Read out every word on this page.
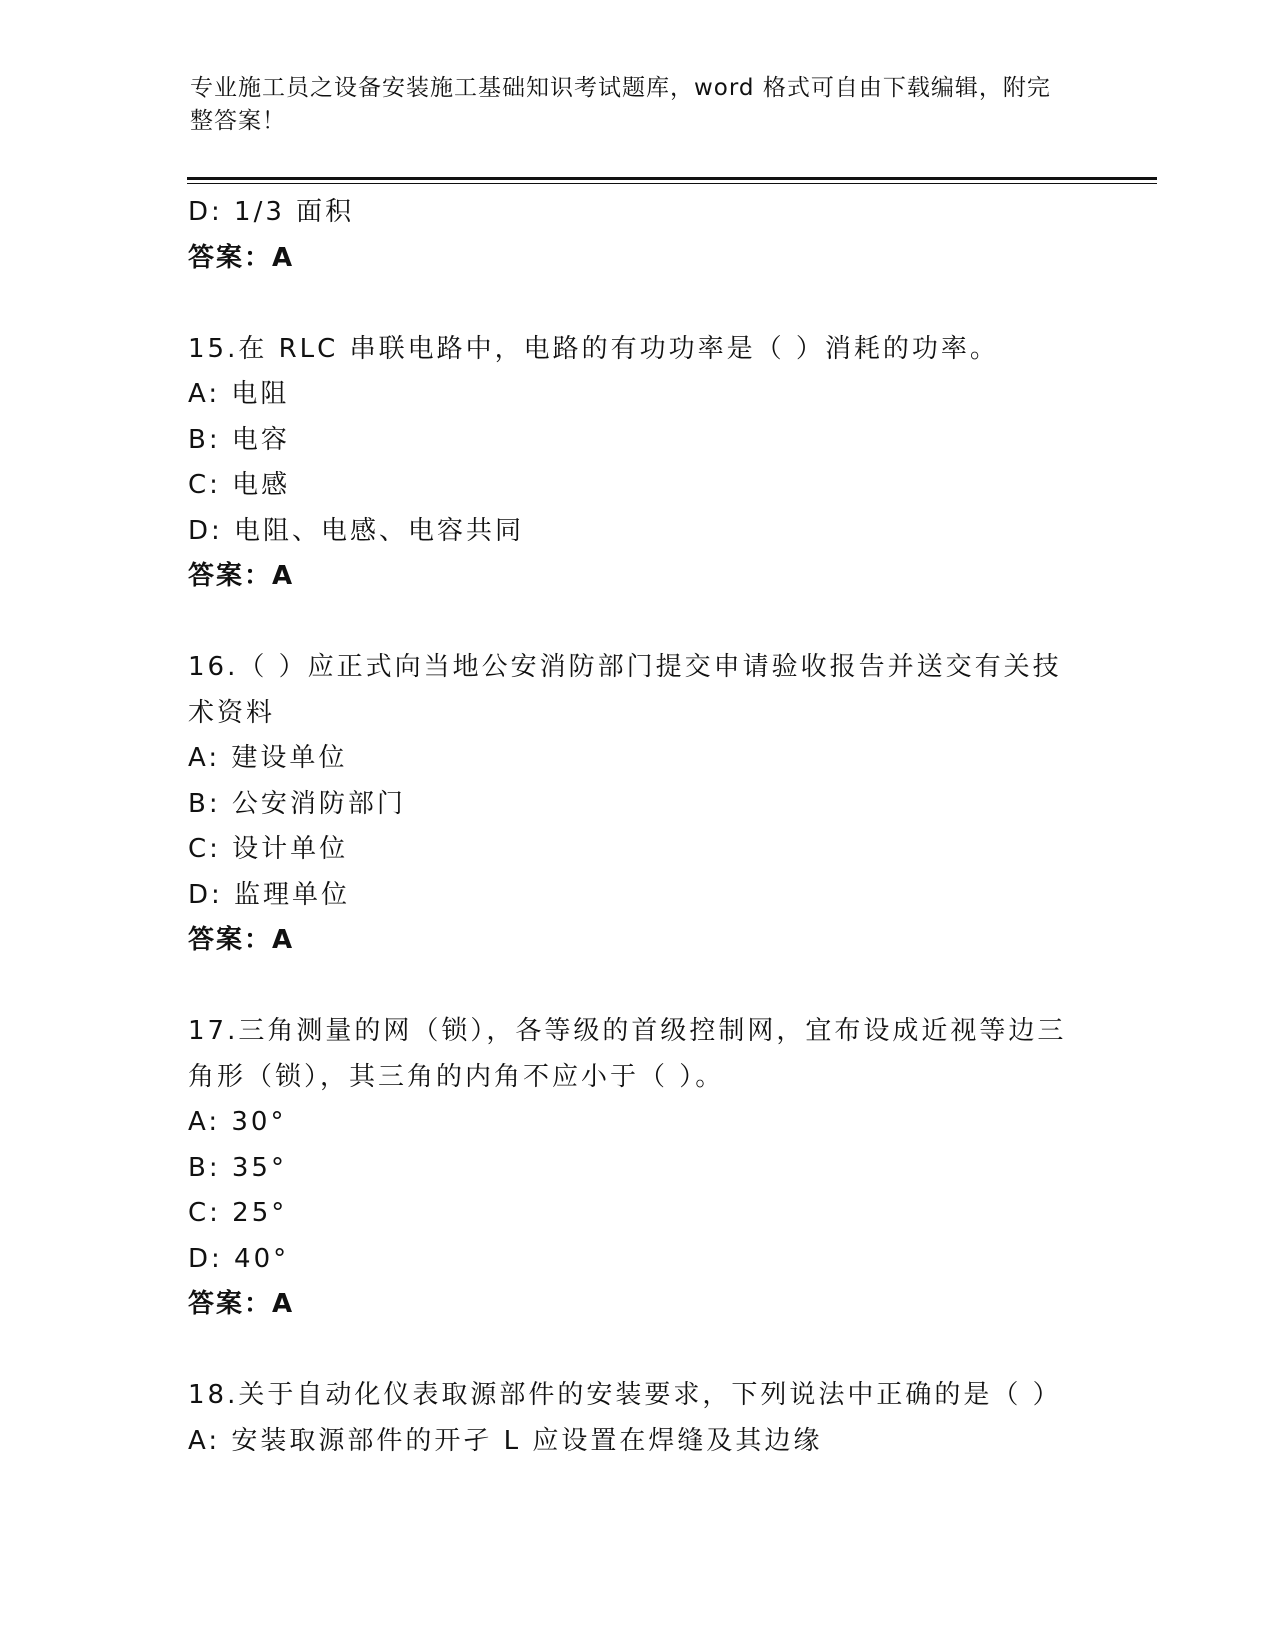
专业施工员之设备安装施工基础知识考试题库，word 格式可自由下载编辑，附完
整答案！
D: 1/3 面积
答案：A
15.在 RLC 串联电路中，电路的有功功率是（ ）消耗的功率。
A: 电阻
B: 电容
C: 电感
D: 电阻、电感、电容共同
答案：A
16.（ ）应正式向当地公安消防部门提交申请验收报告并送交有关技
术资料
A: 建设单位
B: 公安消防部门
C: 设计单位
D: 监理单位
答案：A
17.三角测量的网（锁），各等级的首级控制网，宜布设成近视等边三
角形（锁），其三角的内角不应小于（ ）。
A: 30°
B: 35°
C: 25°
D: 40°
答案：A
18.关于自动化仪表取源部件的安装要求，下列说法中正确的是（ ）
A: 安装取源部件的开孑 L 应设置在焊缝及其边缘
